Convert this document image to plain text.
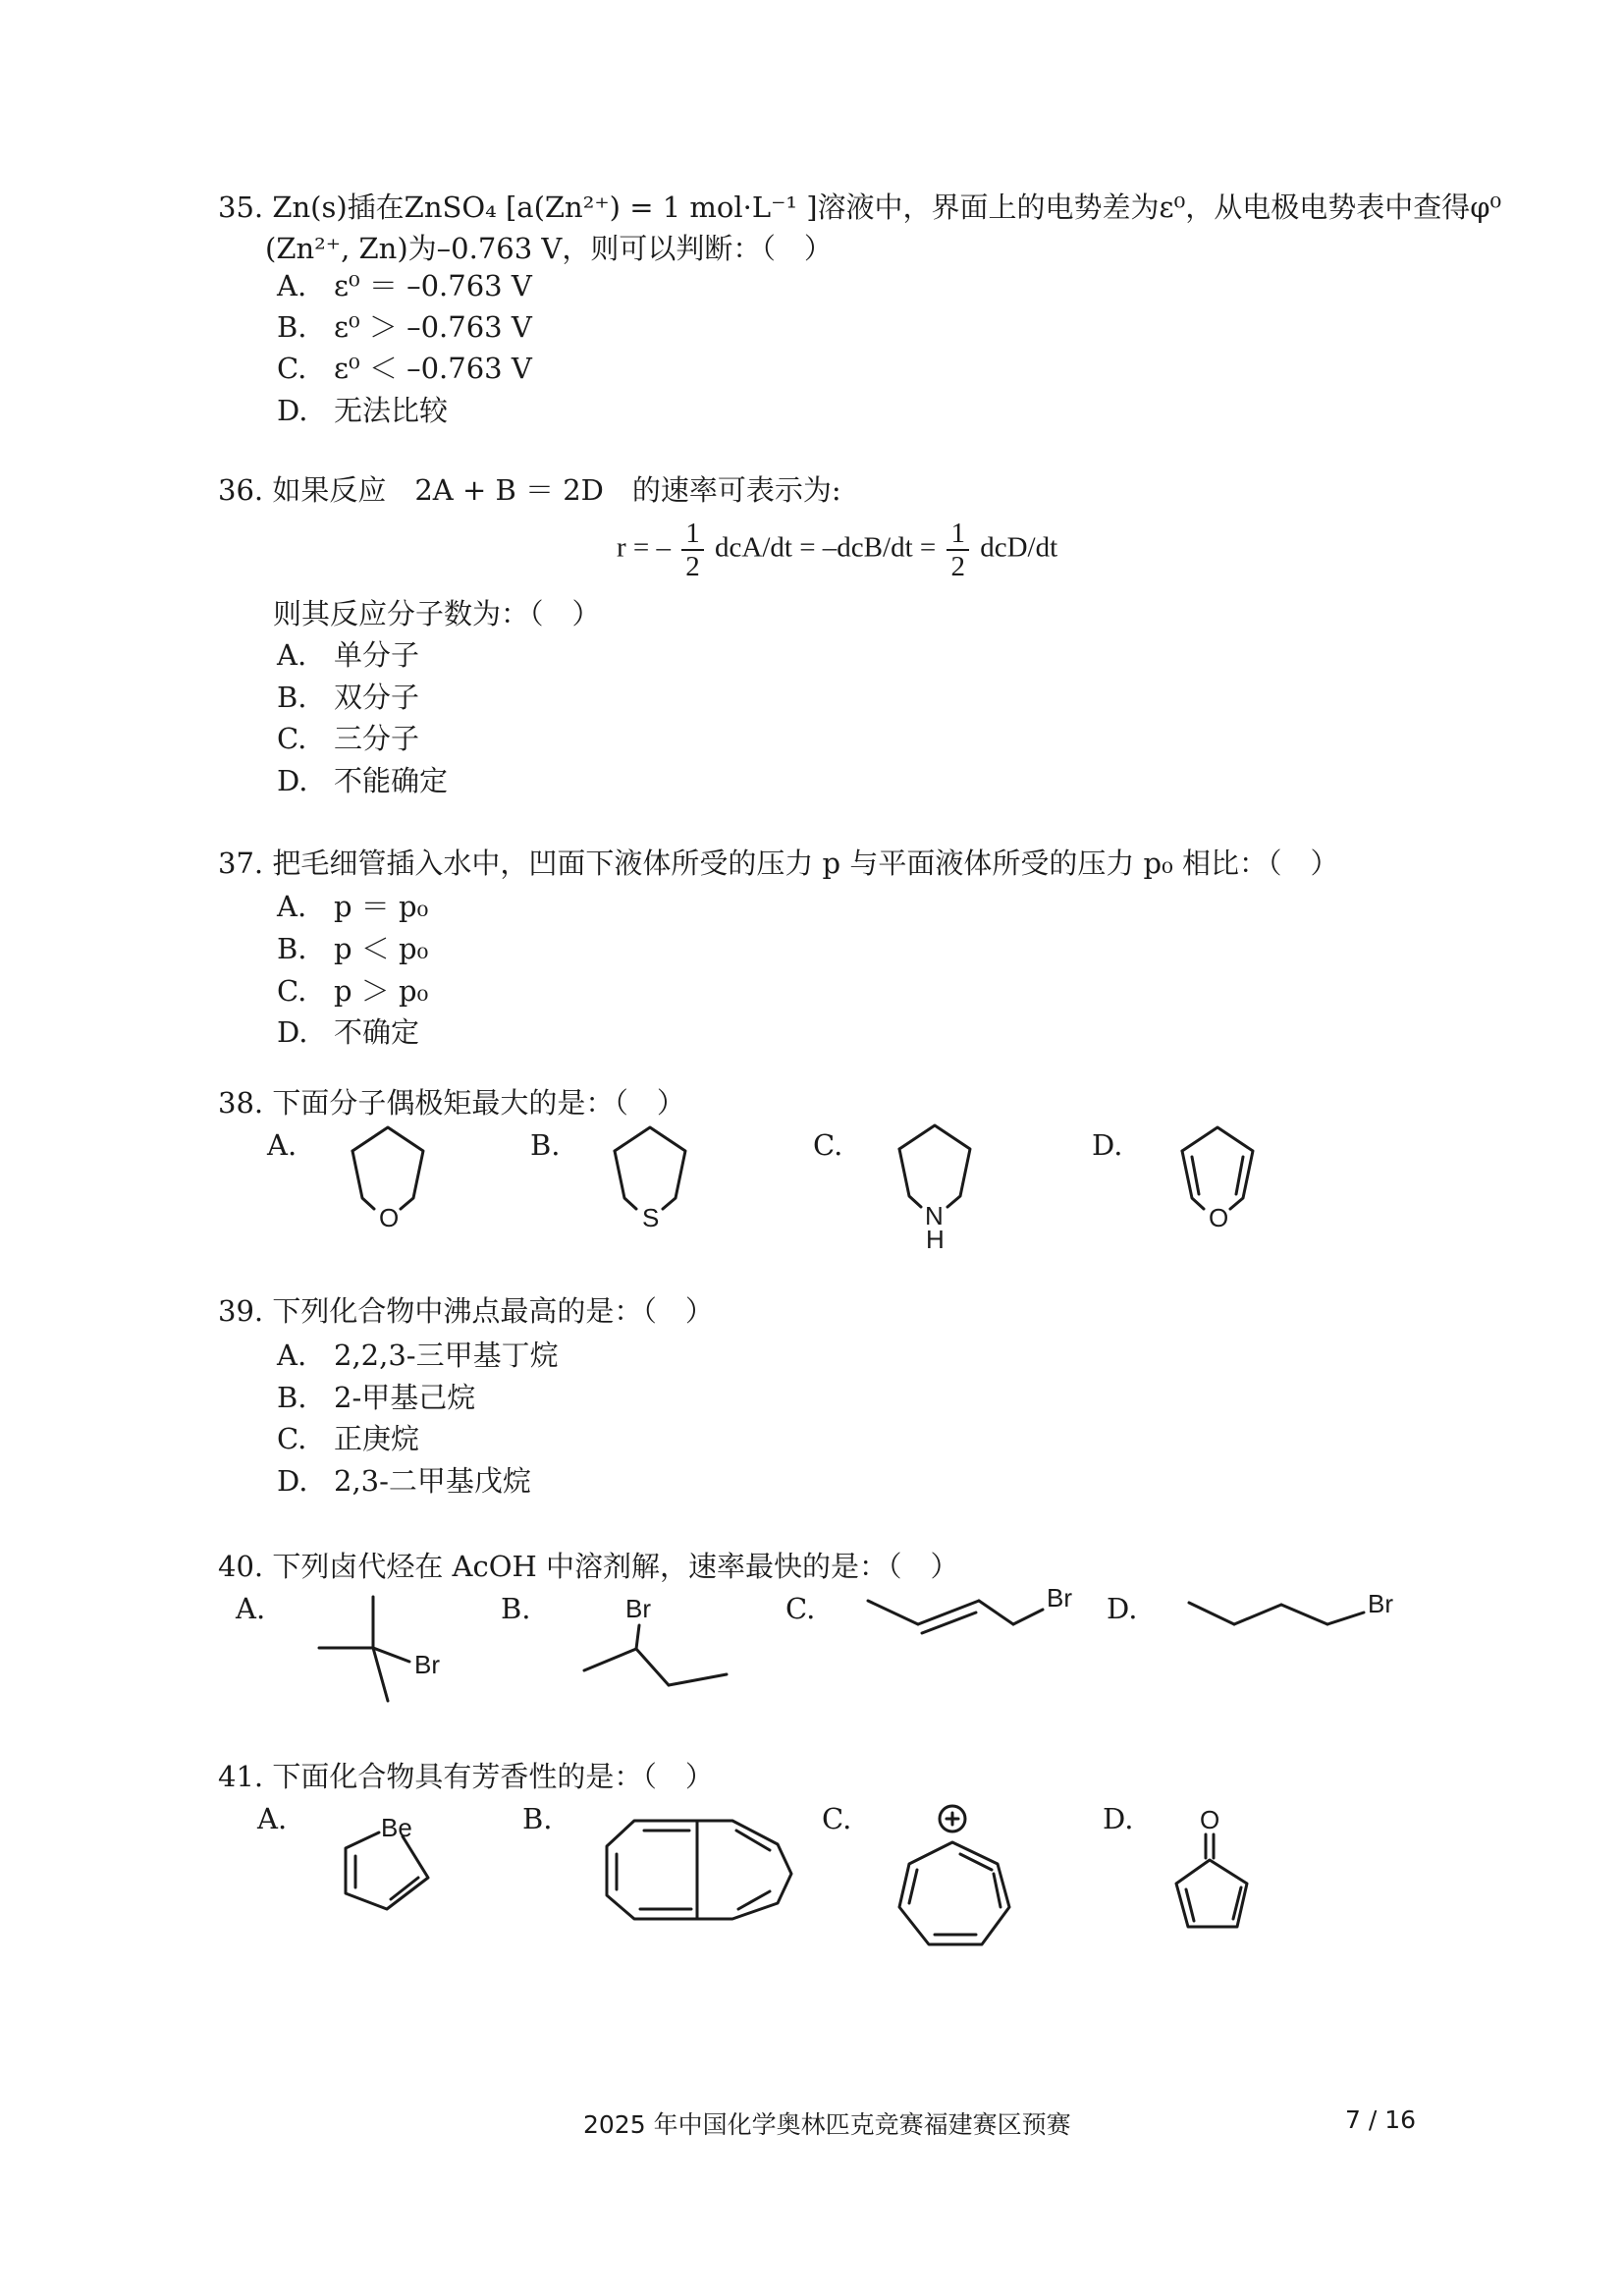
35. Zn(s)插在ZnSO₄ [a(Zn²⁺) = 1 mol·L⁻¹ ]溶液中，界面上的电势差为ε⁰，从电极电势表中查得φ⁰
(Zn²⁺, Zn)为–0.763 V，则可以判断：（　）
A. ε⁰ ＝ –0.763 V
B. ε⁰ ＞ –0.763 V
C. ε⁰ ＜ –0.763 V
D. 无法比较
36. 如果反应　2A + B ＝ 2D　的速率可表示为:
r = – $\frac{1}{2} dcA/dt = -dcB/dt = \frac{1}{2} dcD/dt$
则其反应分子数为：（　）
A. 单分子
B. 双分子
C. 三分子
D. 不能确定
37. 把毛细管插入水中，凹面下液体所受的压力 p 与平面液体所受的压力 p₀ 相比：（　）
A. p ＝ p₀
B. p ＜ p₀
C. p ＞ p₀
D. 不确定
38. 下面分子偶极矩最大的是：（　）
A.	B.	C.	D.
O	S	N
H
O
39. 下列化合物中沸点最高的是：（　）
A. 2,2,3-三甲基丁烷
B. 2-甲基己烷
C. 正庚烷
D. 2,3-二甲基戊烷
40. 下列卤代烃在 AcOH 中溶剂解，速率最快的是：（　）
A.	B.	C.	D.
Br
Br	Br	Br
41. 下面化合物具有芳香性的是：（　）
A.	B.	C.	D.
Be	O
2025 年中国化学奥林匹克竞赛福建赛区预赛	7 / 16
